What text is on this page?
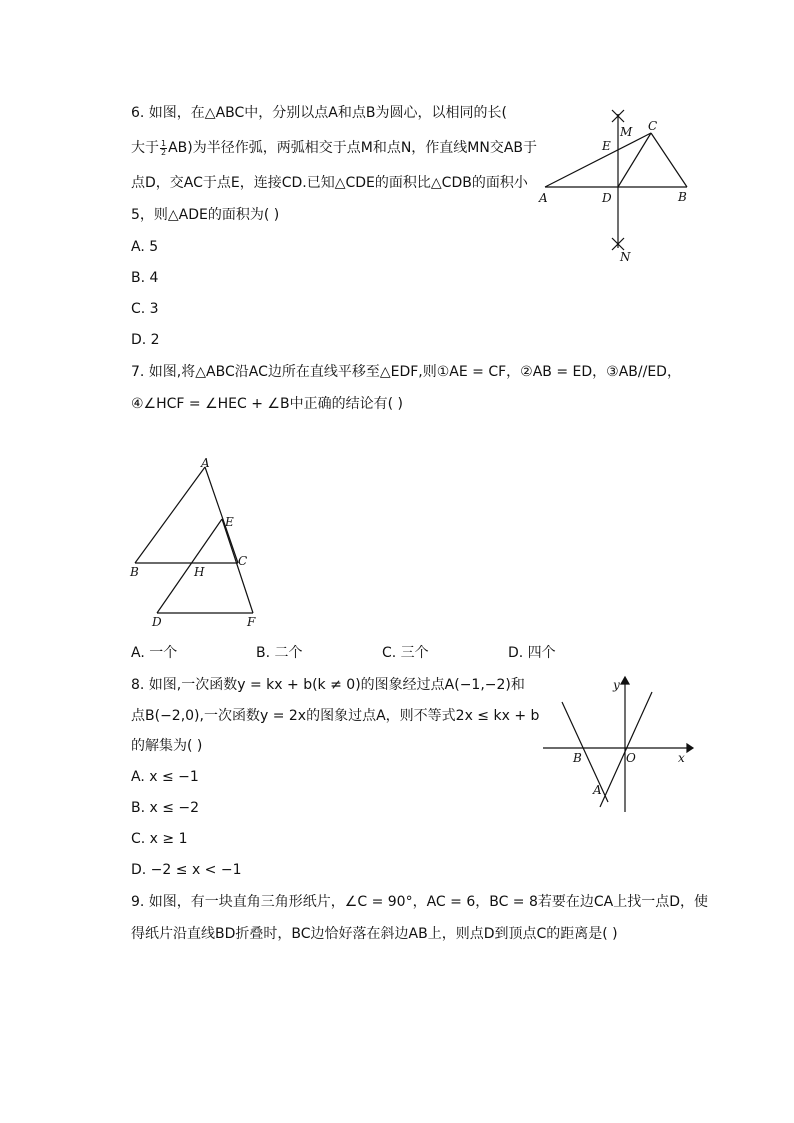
6. 如图，在△ABC中，分别以点A和点B为圆心，以相同的长(
大于 $\frac{1}{2} AB$)为半径作弧，两弧相交于点M和点N，作直线MN交AB于
点D，交AC于点E，连接CD.已知△CDE的面积比△CDB的面积小
5，则△ADE的面积为( )
A. 5
B. 4
C. 3
D. 2
M C
E
A	D	B
N
7. 如图,将△ABC沿AC边所在直线平移至△EDF,则①AE = CF，②AB = ED，③AB//ED，
④∠HCF = ∠HEC + ∠B中正确的结论有( )
A
E
C
B	H
D	F
A. 一个	B. 二个	C. 三个	D. 四个
8. 如图,一次函数y = kx + b(k ≠ 0)的图象经过点A(−1,−2)和
点B(−2,0),一次函数y = 2x的图象过点A，则不等式2x ≤ kx + b
的解集为( )
A. x ≤ −1
B. x ≤ −2
C. x ≥ 1
D. −2 ≤ x < −1
y
x
B	O
A
9. 如图，有一块直角三角形纸片，∠C = 90°，AC = 6，BC = 8若要在边CA上找一点D，使
得纸片沿直线BD折叠时，BC边恰好落在斜边AB上，则点D到顶点C的距离是( )
